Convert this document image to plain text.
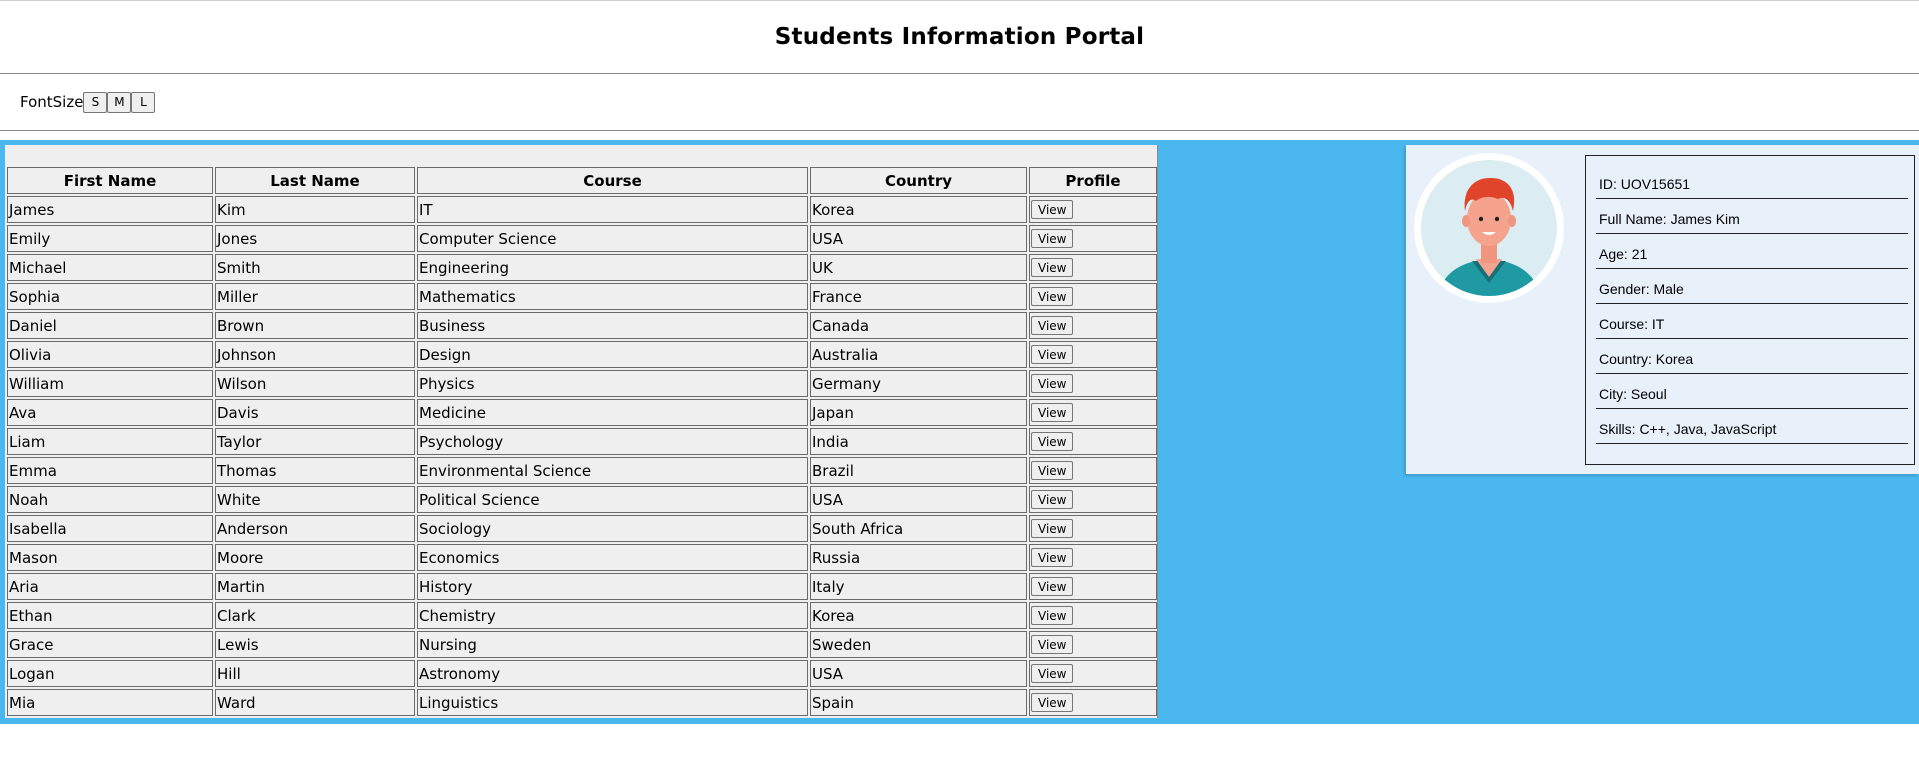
Students Information Portal
FontSize S	M	L
First Name	Last Name	Course	Country	Profile
James	Kim	IT	Korea	View
Emily	Jones	Computer Science	USA	View
Michael	Smith	Engineering	UK	View
Sophia	Miller	Mathematics	France	View
Daniel	Brown	Business	Canada	View
Olivia	Johnson	Design	Australia	View
William	Wilson	Physics	Germany	View
Ava	Davis	Medicine	Japan	View
Liam	Taylor	Psychology	India	View
Emma	Thomas	Environmental Science	Brazil	View
Noah	White	Political Science	USA	View
Isabella	Anderson	Sociology	South Africa	View
Mason	Moore	Economics	Russia	View
Aria	Martin	History	Italy	View
Ethan	Clark	Chemistry	Korea	View
Grace	Lewis	Nursing	Sweden	View
Logan	Hill	Astronomy	USA	View
Mia	Ward	Linguistics	Spain	View
ID: UOV15651
Full Name: James Kim
Age: 21
Gender: Male
Course: IT
Country: Korea
City: Seoul
Skills: C++, Java, JavaScript
